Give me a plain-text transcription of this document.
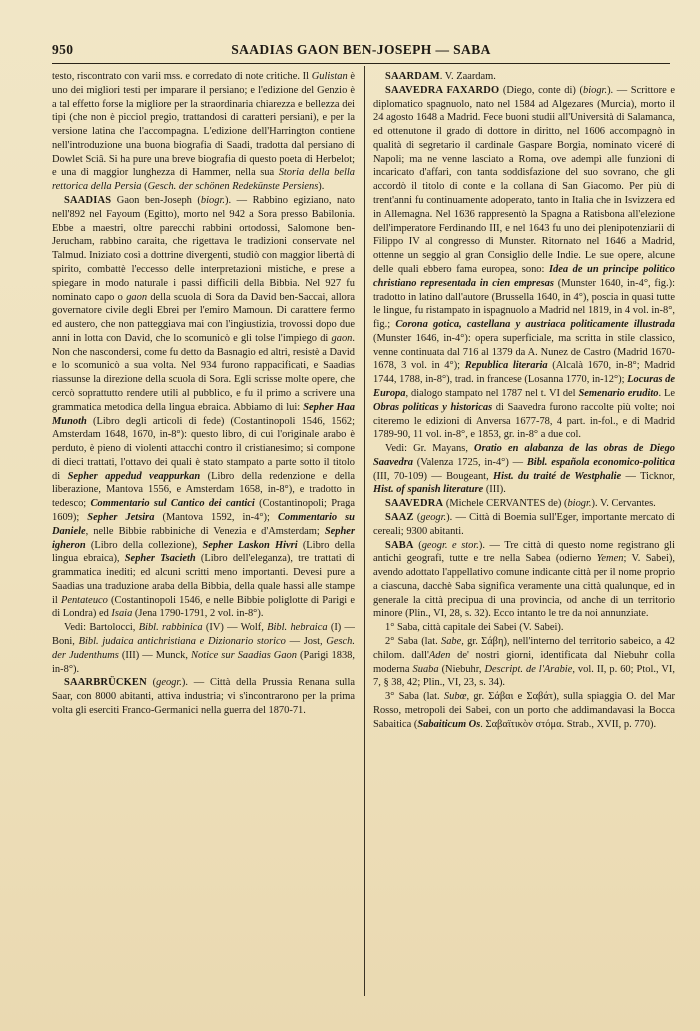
950	SAADIAS GAON BEN-JOSEPH — SABA

testo, riscontrato con varii mss. e corredato di note critiche. Il Gulistan è uno dei migliori testi per imparare il persiano; e l'edizione del Genzio è a tal effetto forse la migliore per la straordinaria chiarezza e bellezza dei tipi (che non è picciol pregio, trattandosi di caratteri persiani), e per la versione latina che l'accompagna. L'edizione dell'Harrington contiene nell'introduzione una buona biografia di Saadi, tradotta dal persiano di Dowlet Sciâ. Si ha pure una breve biografia di questo poeta di Herbelot; e una di maggior lunghezza di Hammer, nella sua Storia della bella rettorica della Persia (Gesch. der schönen Redekünste Persiens).

SAADIAS Gaon ben-Joseph (biogr.). — Rabbino egiziano, nato nell'892 nel Fayoum (Egitto), morto nel 942 a Sora presso Babilonia. Ebbe a maestri, oltre parecchi rabbini ortodossi, Salomone ben-Jerucham, rabbino caraita, che rigettava le tradizioni conservate nel Talmud. Iniziato così a dottrine divergenti, studiò con maggior libertà di spirito, combattè l'eccesso delle interpretazioni mistiche, e prese a spiegare in modo naturale i passi difficili della Bibbia. Nel 927 fu nominato capo o gaon della scuola di Sora da David ben-Saccai, allora governatore civile degli Ebrei per l'emiro Mamoun. Di carattere fermo ed austero, che non patteggiava mai con l'ingiustizia, trovossi dopo due anni in lotta con David, che lo scomunicò e gli tolse l'impiego di gaon. Non che nascondersi, come fu detto da Basnagio ed altri, resistè a David e lo scomunicò a sua volta. Nel 934 furono rappacificati, e Saadias riassunse la direzione della scuola di Sora. Egli scrisse molte opere, che cercò soprattutto rendere utili al pubblico, e fu il primo a scrivere una grammatica metodica della lingua ebraica. Abbiamo di lui: Sepher Haa Munoth (Libro degli articoli di fede) (Costantinopoli 1546, 1562; Amsterdam 1648, 1670, in-8°): questo libro, di cui l'originale arabo è perduto, è pieno di violenti attacchi contro il cristianesimo; si compone di dieci trattati, l'ottavo dei quali è stato stampato a parte sotto il titolo di Sepher appedud veappurkan (Libro della redenzione e della liberazione, Mantova 1556, e Amsterdam 1658, in-8°), e tradotto in tedesco; Commentario sul Cantico dei cantici (Costantinopoli; Praga 1609); Sepher Jetsira (Mantova 1592, in-4°); Commentario su Daniele, nelle Bibbie rabbiniche di Venezia e d'Amsterdam; Sepher igheron (Libro della collezione), Sepher Laskon Hivri (Libro della lingua ebraica), Sepher Tsacieth (Libro dell'eleganza), tre trattati di grammatica inediti; ed alcuni scritti meno importanti. Devesi pure a Saadias una traduzione araba della Bibbia, della quale hassi alle stampe il Pentateuco (Costantinopoli 1546, e nelle Bibbie poliglotte di Parigi e di Londra) ed Isaia (Jena 1790-1791, 2 vol. in-8°).

Vedi: Bartolocci, Bibl. rabbinica (IV) — Wolf, Bibl. hebraica (I) — Boni, Bibl. judaica antichristiana e Dizionario storico — Jost, Gesch. der Judenthums (III) — Munck, Notice sur Saadias Gaon (Parigi 1838, in-8°).

SAARBRÜCKEN (geogr.). — Città della Prussia Renana sulla Saar, con 8000 abitanti, attiva industria; vi s'incontrarono per la prima volta gli eserciti Franco-Germanici nella guerra del 1870-71.

SAARDAM. V. Zaardam.

SAAVEDRA FAXARDO (Diego, conte di) (biogr.). — Scrittore e diplomatico spagnuolo, nato nel 1584 ad Algezares (Murcia), morto il 24 agosto 1648 a Madrid. Fece buoni studii all'Università di Salamanca, ed ottenutone il grado di dottore in diritto, nel 1606 accompagnò in qualità di segretario il cardinale Gaspare Borgia, nominato viceré di Napoli; ma ne venne lasciato a Roma, ove adempì alle funzioni di incaricato d'affari, con tanta soddisfazione del suo sovrano, che gli accordò il titolo di conte e la collana di San Giacomo. Per più di trent'anni fu continuamente adoperato, tanto in Italia che in Isvizzera ed in Allemagna. Nel 1636 rappresentò la Spagna a Ratisbona all'elezione dell'imperatore Ferdinando III, e nel 1643 fu uno dei plenipotenziarii di Filippo IV al congresso di Munster. Ritornato nel 1646 a Madrid, ottenne un seggio al gran Consiglio delle Indie. Le sue opere, alcune delle quali ebbero fama europea, sono: Idea de un principe politico christiano representada in cien empresas (Munster 1640, in-4°, fig.): tradotto in latino dall'autore (Brussella 1640, in 4°), poscia in quasi tutte le lingue, fu ristampato in ispagnuolo a Madrid nel 1819, in 4 vol. in-8°, fig.; Corona gotica, castellana y austriaca politicamente illustrada (Munster 1646, in-4°): opera superficiale, ma scritta in stile classico, venne continuata dal 716 al 1379 da A. Nunez de Castro (Madrid 1670-1678, 3 vol. in 4°); Republica literaria (Alcalà 1670, in-8°; Madrid 1744, 1788, in-8°), trad. in francese (Losanna 1770, in-12°); Locuras de Europa, dialogo stampato nel 1787 nel t. VI del Semenario erudito. Le Obras politicas y historicas di Saavedra furono raccolte più volte; noi citeremo le edizioni di Anversa 1677-78, 4 part. in-fol., e di Madrid 1789-90, 11 vol. in-8°, e 1853, gr. in-8° a due col.

Vedi: Gr. Mayans, Oratio en alabanza de las obras de Diego Saavedra (Valenza 1725, in-4°) — Bibl. española economico-politica (III, 70-109) — Bougeant, Hist. du traité de Westphalie — Ticknor, Hist. of spanish literature (III).

SAAVEDRA (Michele CERVANTES de) (biogr.). V. Cervantes.

SAAZ (geogr.). — Città di Boemia sull'Eger, importante mercato di cereali; 9300 abitanti.

SABA (geogr. e stor.). — Tre città di questo nome registrano gli antichi geografi, tutte e tre nella Sabea (odierno Yemen; V. Sabei), avendo adottato l'appellativo comune indicante città per il nome proprio a ciascuna, dacchè Saba significa veramente una città qualunque, ed in generale la città precipua di una provincia, od anche di un territorio minore (Plin., VI, 28, s. 32). Ecco intanto le tre da noi annunziate.

1° Saba, città capitale dei Sabei (V. Sabei).

2° Saba (lat. Sabe, gr. Σάβη), nell'interno del territorio sabeico, a 42 chilom. dall'Aden de' nostri giorni, identificata dal Niebuhr colla moderna Suaba (Niebuhr, Descript. de l'Arabie, vol. II, p. 60; Ptol., VI, 7, § 38, 42; Plin., VI, 23, s. 34).

3° Saba (lat. Subœ, gr. Σάβαι e Σαβάτ), sulla spiaggia O. del Mar Rosso, metropoli dei Sabei, con un porto che addimandavasi la Bocca Sabaitica (Sabaiticum Os. Σαβαϊτικὸν στόμα. Strab., XVII, p. 770).
